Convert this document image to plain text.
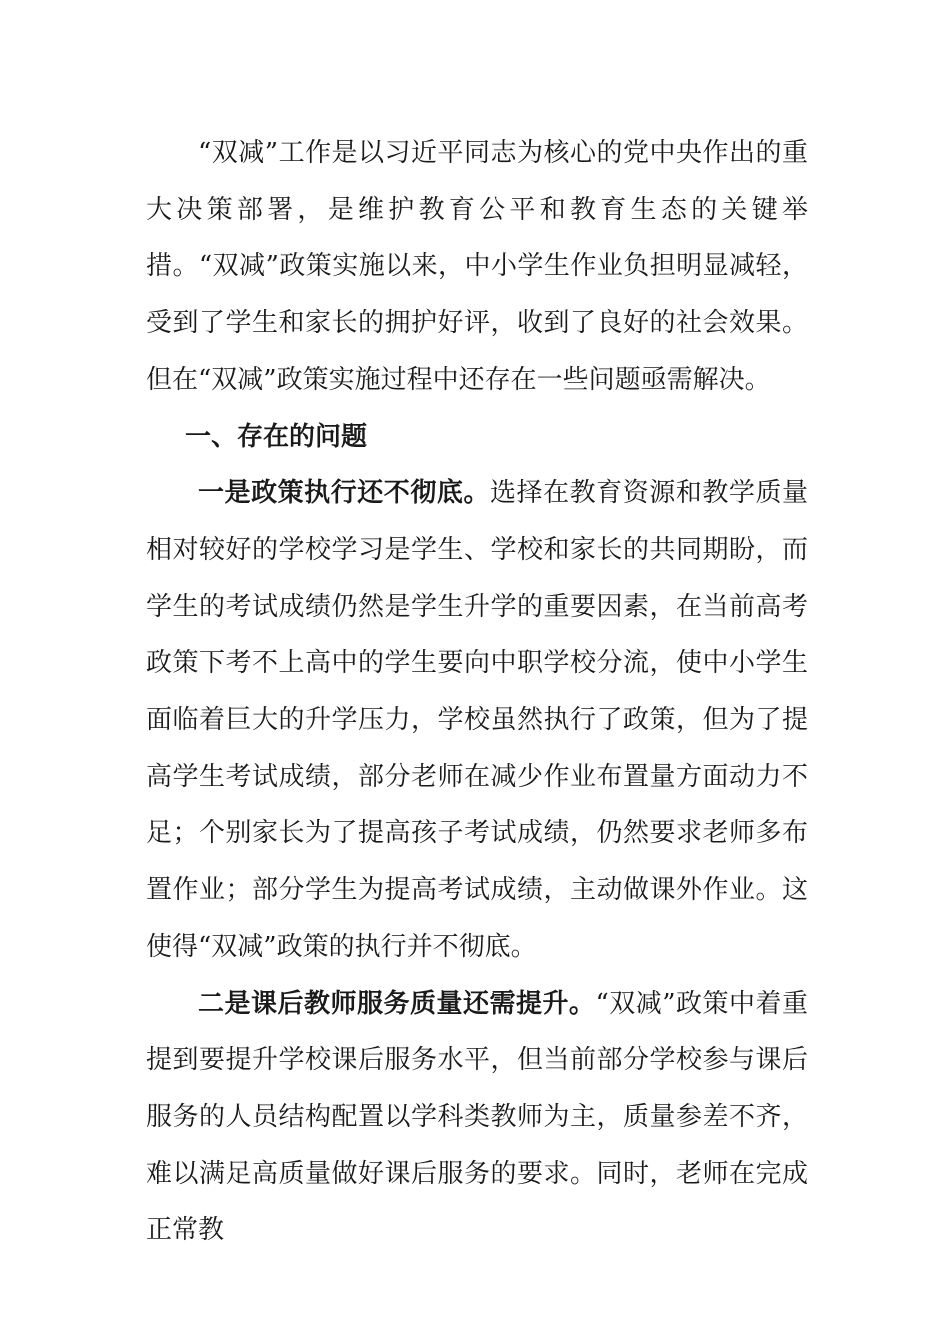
“双减”工作是以习近平同志为核心的党中央作出的重大决策部署，是维护教育公平和教育生态的关键举措。“双减”政策实施以来，中小学生作业负担明显减轻，受到了学生和家长的拥护好评，收到了良好的社会效果。但在“双减”政策实施过程中还存在一些问题亟需解决。

一、存在的问题

一是政策执行还不彻底。选择在教育资源和教学质量相对较好的学校学习是学生、学校和家长的共同期盼，而学生的考试成绩仍然是学生升学的重要因素，在当前高考政策下考不上高中的学生要向中职学校分流，使中小学生面临着巨大的升学压力，学校虽然执行了政策，但为了提高学生考试成绩，部分老师在减少作业布置量方面动力不足；个别家长为了提高孩子考试成绩，仍然要求老师多布置作业；部分学生为提高考试成绩，主动做课外作业。这使得“双减”政策的执行并不彻底。

二是课后教师服务质量还需提升。“双减”政策中着重提到要提升学校课后服务水平，但当前部分学校参与课后服务的人员结构配置以学科类教师为主，质量参差不齐，难以满足高质量做好课后服务的要求。同时，老师在完成正常教
